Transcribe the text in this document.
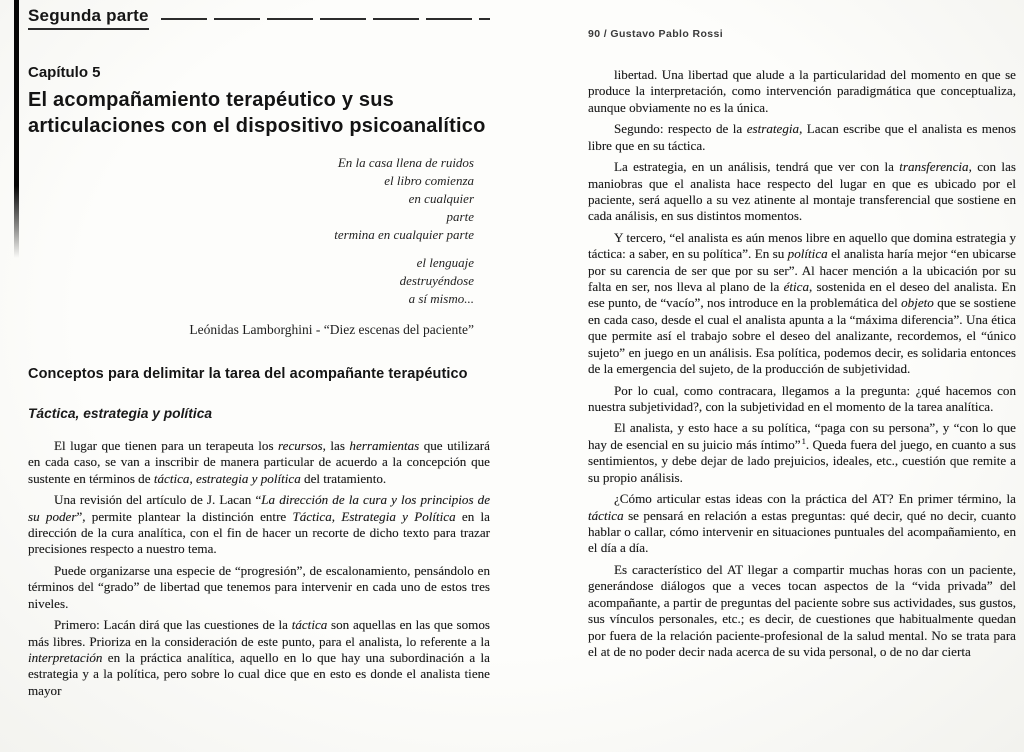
Segunda parte
Capítulo 5
El acompañamiento terapéutico y sus articulaciones con el dispositivo psicoanalítico
En la casa llena de ruidos
el libro comienza
en cualquier
parte
termina en cualquier parte
el lenguaje
destruyéndose
a sí mismo...
Leónidas Lamborghini - “Diez escenas del paciente”
Conceptos para delimitar la tarea del acompañante terapéutico
Táctica, estrategia y política

El lugar que tienen para un terapeuta los recursos, las herramientas que utilizará en cada caso, se van a inscribir de manera particular de acuerdo a la concepción que sustente en términos de táctica, estrategia y política del tratamiento.

Una revisión del artículo de J. Lacan “La dirección de la cura y los principios de su poder”, permite plantear la distinción entre Táctica, Estrategia y Política en la dirección de la cura analítica, con el fin de hacer un recorte de dicho texto para trazar precisiones respecto a nuestro tema.

Puede organizarse una especie de “progresión”, de escalonamiento, pensándolo en términos del “grado” de libertad que tenemos para intervenir en cada uno de estos tres niveles.

Primero: Lacán dirá que las cuestiones de la táctica son aquellas en las que somos más libres. Prioriza en la consideración de este punto, para el analista, lo referente a la interpretación en la práctica analítica, aquello en lo que hay una subordinación a la estrategia y a la política, pero sobre lo cual dice que en esto es donde el analista tiene mayor

90 / Gustavo Pablo Rossi

libertad. Una libertad que alude a la particularidad del momento en que se produce la interpretación, como intervención paradigmática que conceptualiza, aunque obviamente no es la única.

Segundo: respecto de la estrategia, Lacan escribe que el analista es menos libre que en su táctica.

La estrategia, en un análisis, tendrá que ver con la transferencia, con las maniobras que el analista hace respecto del lugar en que es ubicado por el paciente, será aquello a su vez atinente al montaje transferencial que sostiene en cada análisis, en sus distintos momentos.

Y tercero, “el analista es aún menos libre en aquello que domina estrategia y táctica: a saber, en su política”. En su política el analista haría mejor “en ubicarse por su carencia de ser que por su ser”. Al hacer mención a la ubicación por su falta en ser, nos lleva al plano de la ética, sostenida en el deseo del analista. En ese punto, de “vacío”, nos introduce en la problemática del objeto que se sostiene en cada caso, desde el cual el analista apunta a la “máxima diferencia”. Una ética que permite así el trabajo sobre el deseo del analizante, recordemos, el “único sujeto” en juego en un análisis. Esa política, podemos decir, es solidaria entonces de la emergencia del sujeto, de la producción de subjetividad.

Por lo cual, como contracara, llegamos a la pregunta: ¿qué hacemos con nuestra subjetividad?, con la subjetividad en el momento de la tarea analítica.

El analista, y esto hace a su política, “paga con su persona”, y “con lo que hay de esencial en su juicio más íntimo”$^1$. Queda fuera del juego, en cuanto a sus sentimientos, y debe dejar de lado prejuicios, ideales, etc., cuestión que remite a su propio análisis.

¿Cómo articular estas ideas con la práctica del AT? En primer término, la táctica se pensará en relación a estas preguntas: qué decir, qué no decir, cuanto hablar o callar, cómo intervenir en situaciones puntuales del acompañamiento, en el día a día.

Es característico del AT llegar a compartir muchas horas con un paciente, generándose diálogos que a veces tocan aspectos de la “vida privada” del acompañante, a partir de preguntas del paciente sobre sus actividades, sus gustos, sus vínculos personales, etc.; es decir, de cuestiones que habitualmente quedan por fuera de la relación paciente-profesional de la salud mental. No se trata para el at de no poder decir nada acerca de su vida personal, o de no dar cierta
